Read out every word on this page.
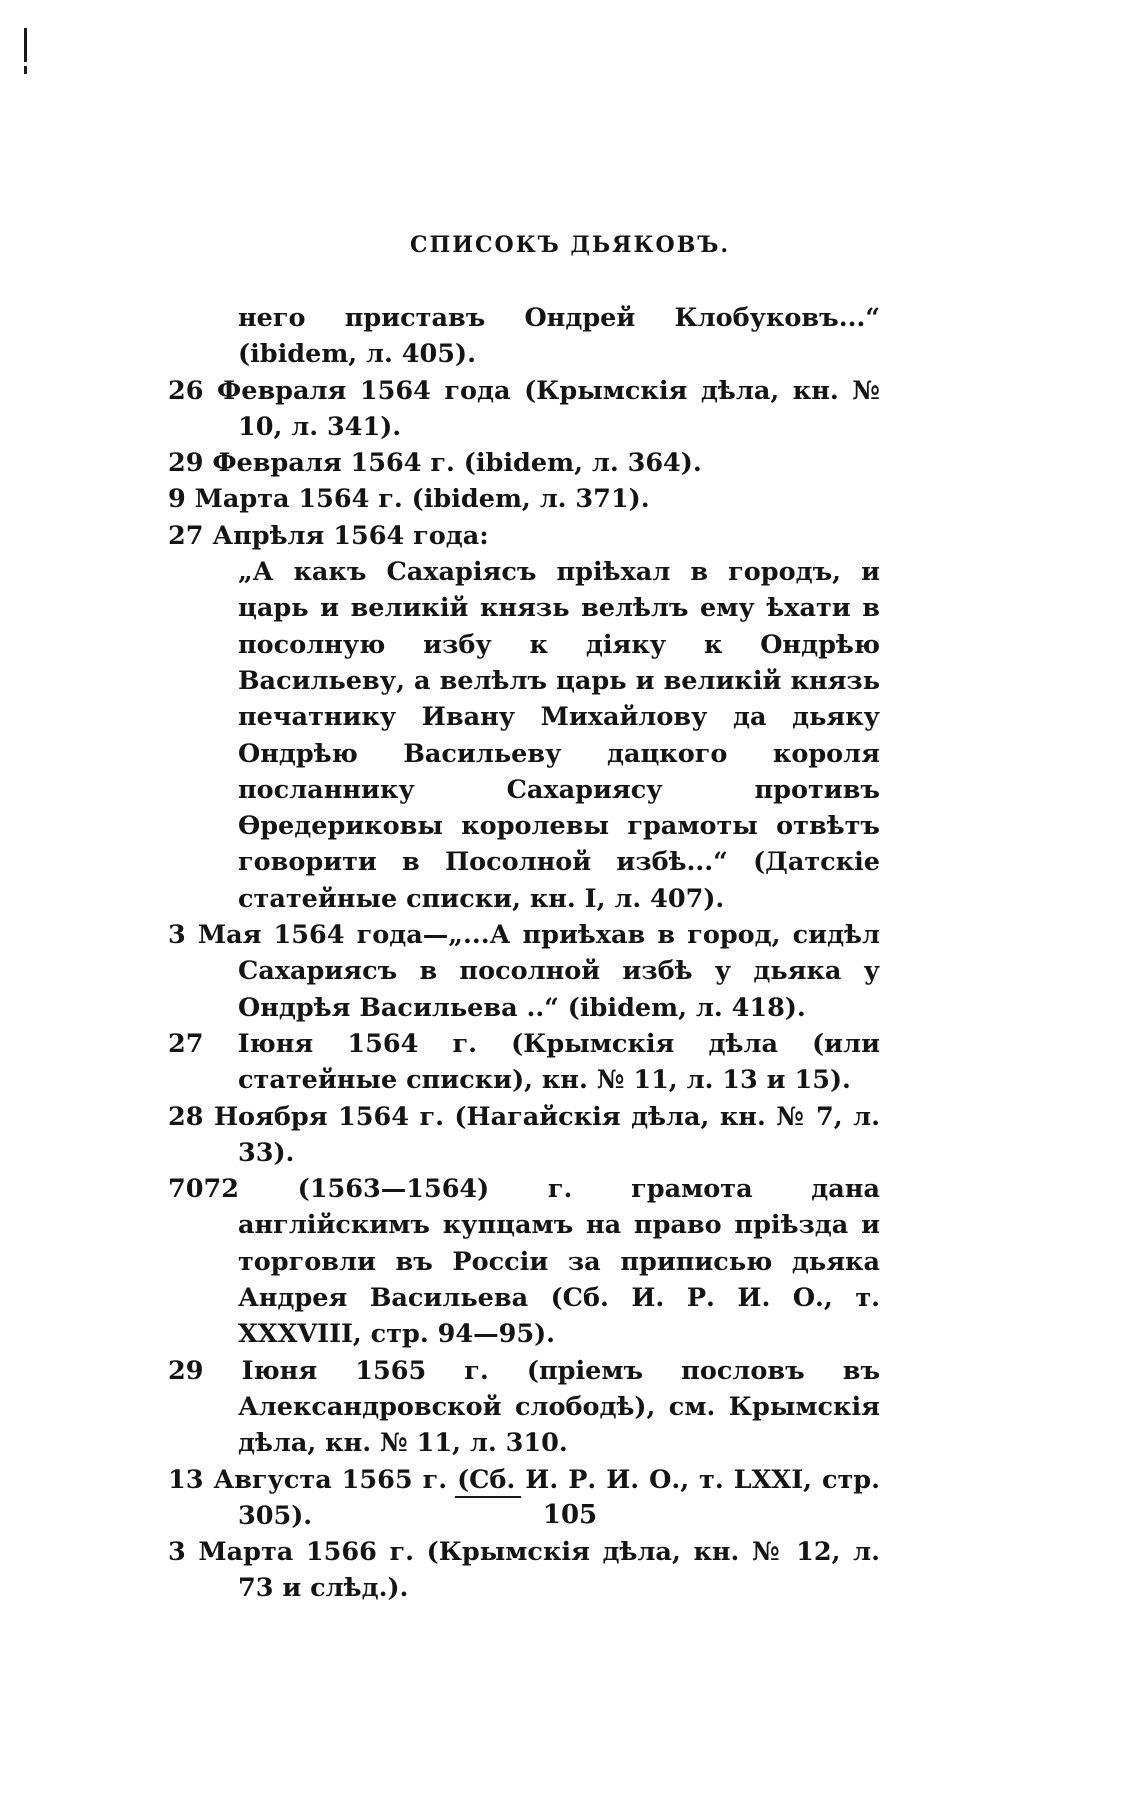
СПИСОКЪ ДЬЯКОВЪ.

него приставъ Ондрей Клобуковъ...“ (ibidem, л. 405).

26 Февраля 1564 года (Крымскія дѣла, кн. № 10, л. 341).

29 Февраля 1564 г. (ibidem, л. 364).

9 Марта 1564 г. (ibidem, л. 371).

27 Апрѣля 1564 года:

„А какъ Сахаріясъ пріѣхал в городъ, и царь и великій князь велѣлъ ему ѣхати в посолную избу к діяку к Ондрѣю Васильеву, а велѣлъ царь и великій князь печатнику Ивану Михайлову да дьяку Ондрѣю Васильеву дацкого короля посланнику Сахариясу противъ Ѳредериковы королевы грамоты отвѣтъ говорити в Посолной избѣ...“ (Датскіе статейные списки, кн. I, л. 407).

3 Мая 1564 года—„...А приѣхав в город, сидѣл Сахариясъ в посолной избѣ у дьяка у Ондрѣя Васильева ..“ (ibidem, л. 418).

27 Іюня 1564 г. (Крымскія дѣла (или статейные списки), кн. № 11, л. 13 и 15).

28 Ноября 1564 г. (Нагайскія дѣла, кн. № 7, л. 33).

7072 (1563—1564) г. грамота дана англійскимъ купцамъ на право пріѣзда и торговли въ Россіи за приписью дьяка Андрея Васильева (Сб. И. Р. И. О., т. XXXVIII, стр. 94—95).

29 Іюня 1565 г. (пріемъ пословъ въ Александровской слободѣ), см. Крымскія дѣла, кн. № 11, л. 310.

13 Августа 1565 г. (Сб. И. Р. И. О., т. LXXI, стр. 305).

3 Марта 1566 г. (Крымскія дѣла, кн. № 12, л. 73 и слѣд.).

105
